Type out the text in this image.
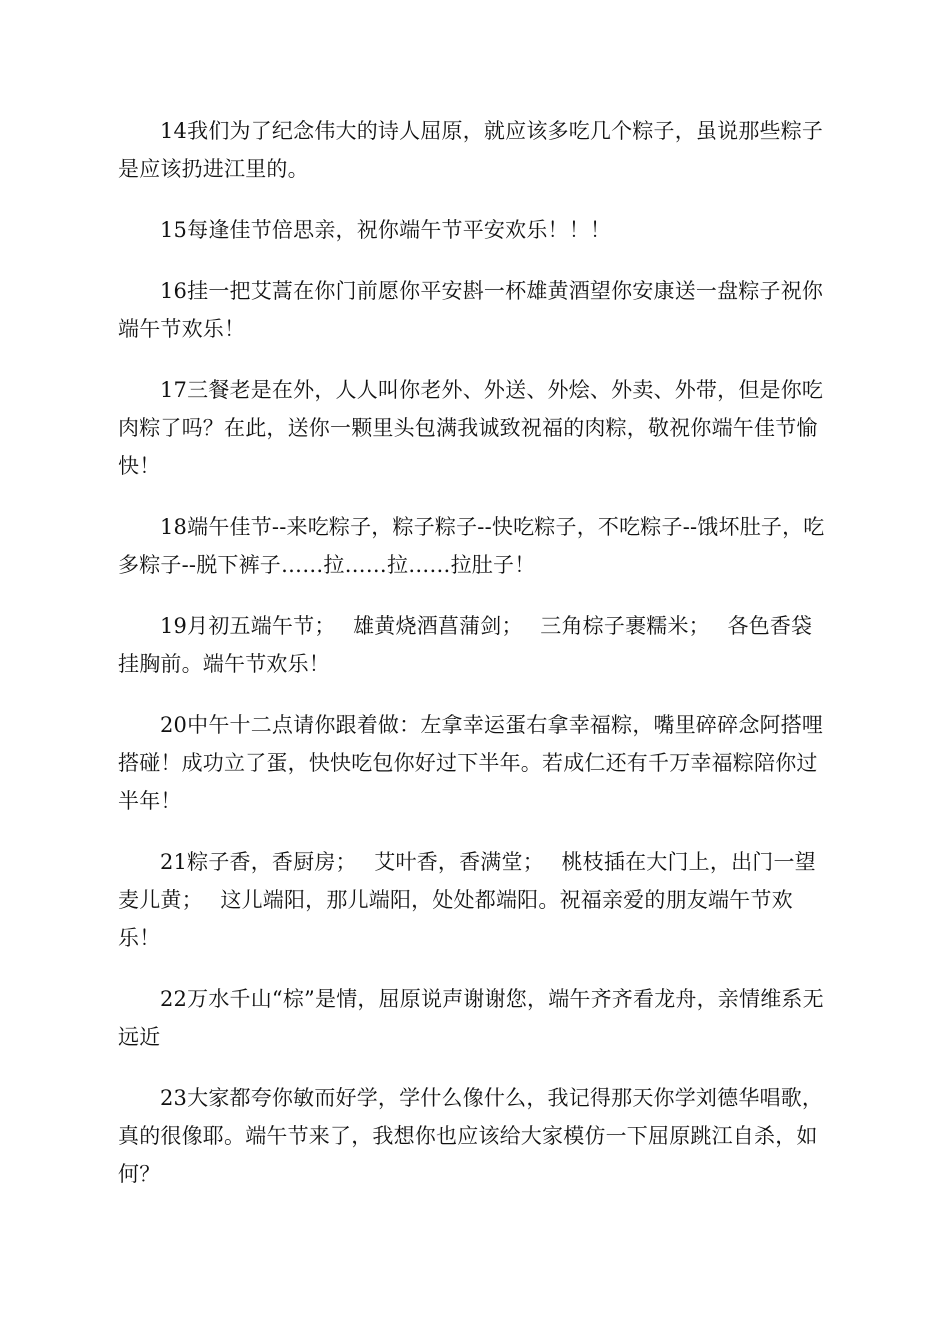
14我们为了纪念伟大的诗人屈原，就应该多吃几个粽子，虽说那些粽子是应该扔进江里的。

15每逢佳节倍思亲，祝你端午节平安欢乐！！！

16挂一把艾蒿在你门前愿你平安斟一杯雄黄酒望你安康送一盘粽子祝你端午节欢乐！

17三餐老是在外，人人叫你老外、外送、外烩、外卖、外带，但是你吃肉粽了吗？在此，送你一颗里头包满我诚致祝福的肉粽，敬祝你端午佳节愉快！

18端午佳节--来吃粽子，粽子粽子--快吃粽子，不吃粽子--饿坏肚子，吃多粽子--脱下裤子……拉……拉……拉肚子！

19月初五端午节；　 雄黄烧酒菖蒲剑；　 三角棕子裹糯米；　 各色香袋挂胸前。端午节欢乐！

20中午十二点请你跟着做：左拿幸运蛋右拿幸福粽，嘴里碎碎念阿搭哩搭碰！成功立了蛋，快快吃包你好过下半年。若成仁还有千万幸福粽陪你过半年！

21粽子香，香厨房；　 艾叶香，香满堂；　 桃枝插在大门上，出门一望麦儿黄；　 这儿端阳，那儿端阳，处处都端阳。祝福亲爱的朋友端午节欢乐！

22万水千山“棕”是情，屈原说声谢谢您，端午齐齐看龙舟，亲情维系无远近

23大家都夸你敏而好学，学什么像什么，我记得那天你学刘德华唱歌，真的很像耶。端午节来了，我想你也应该给大家模仿一下屈原跳江自杀，如何？
